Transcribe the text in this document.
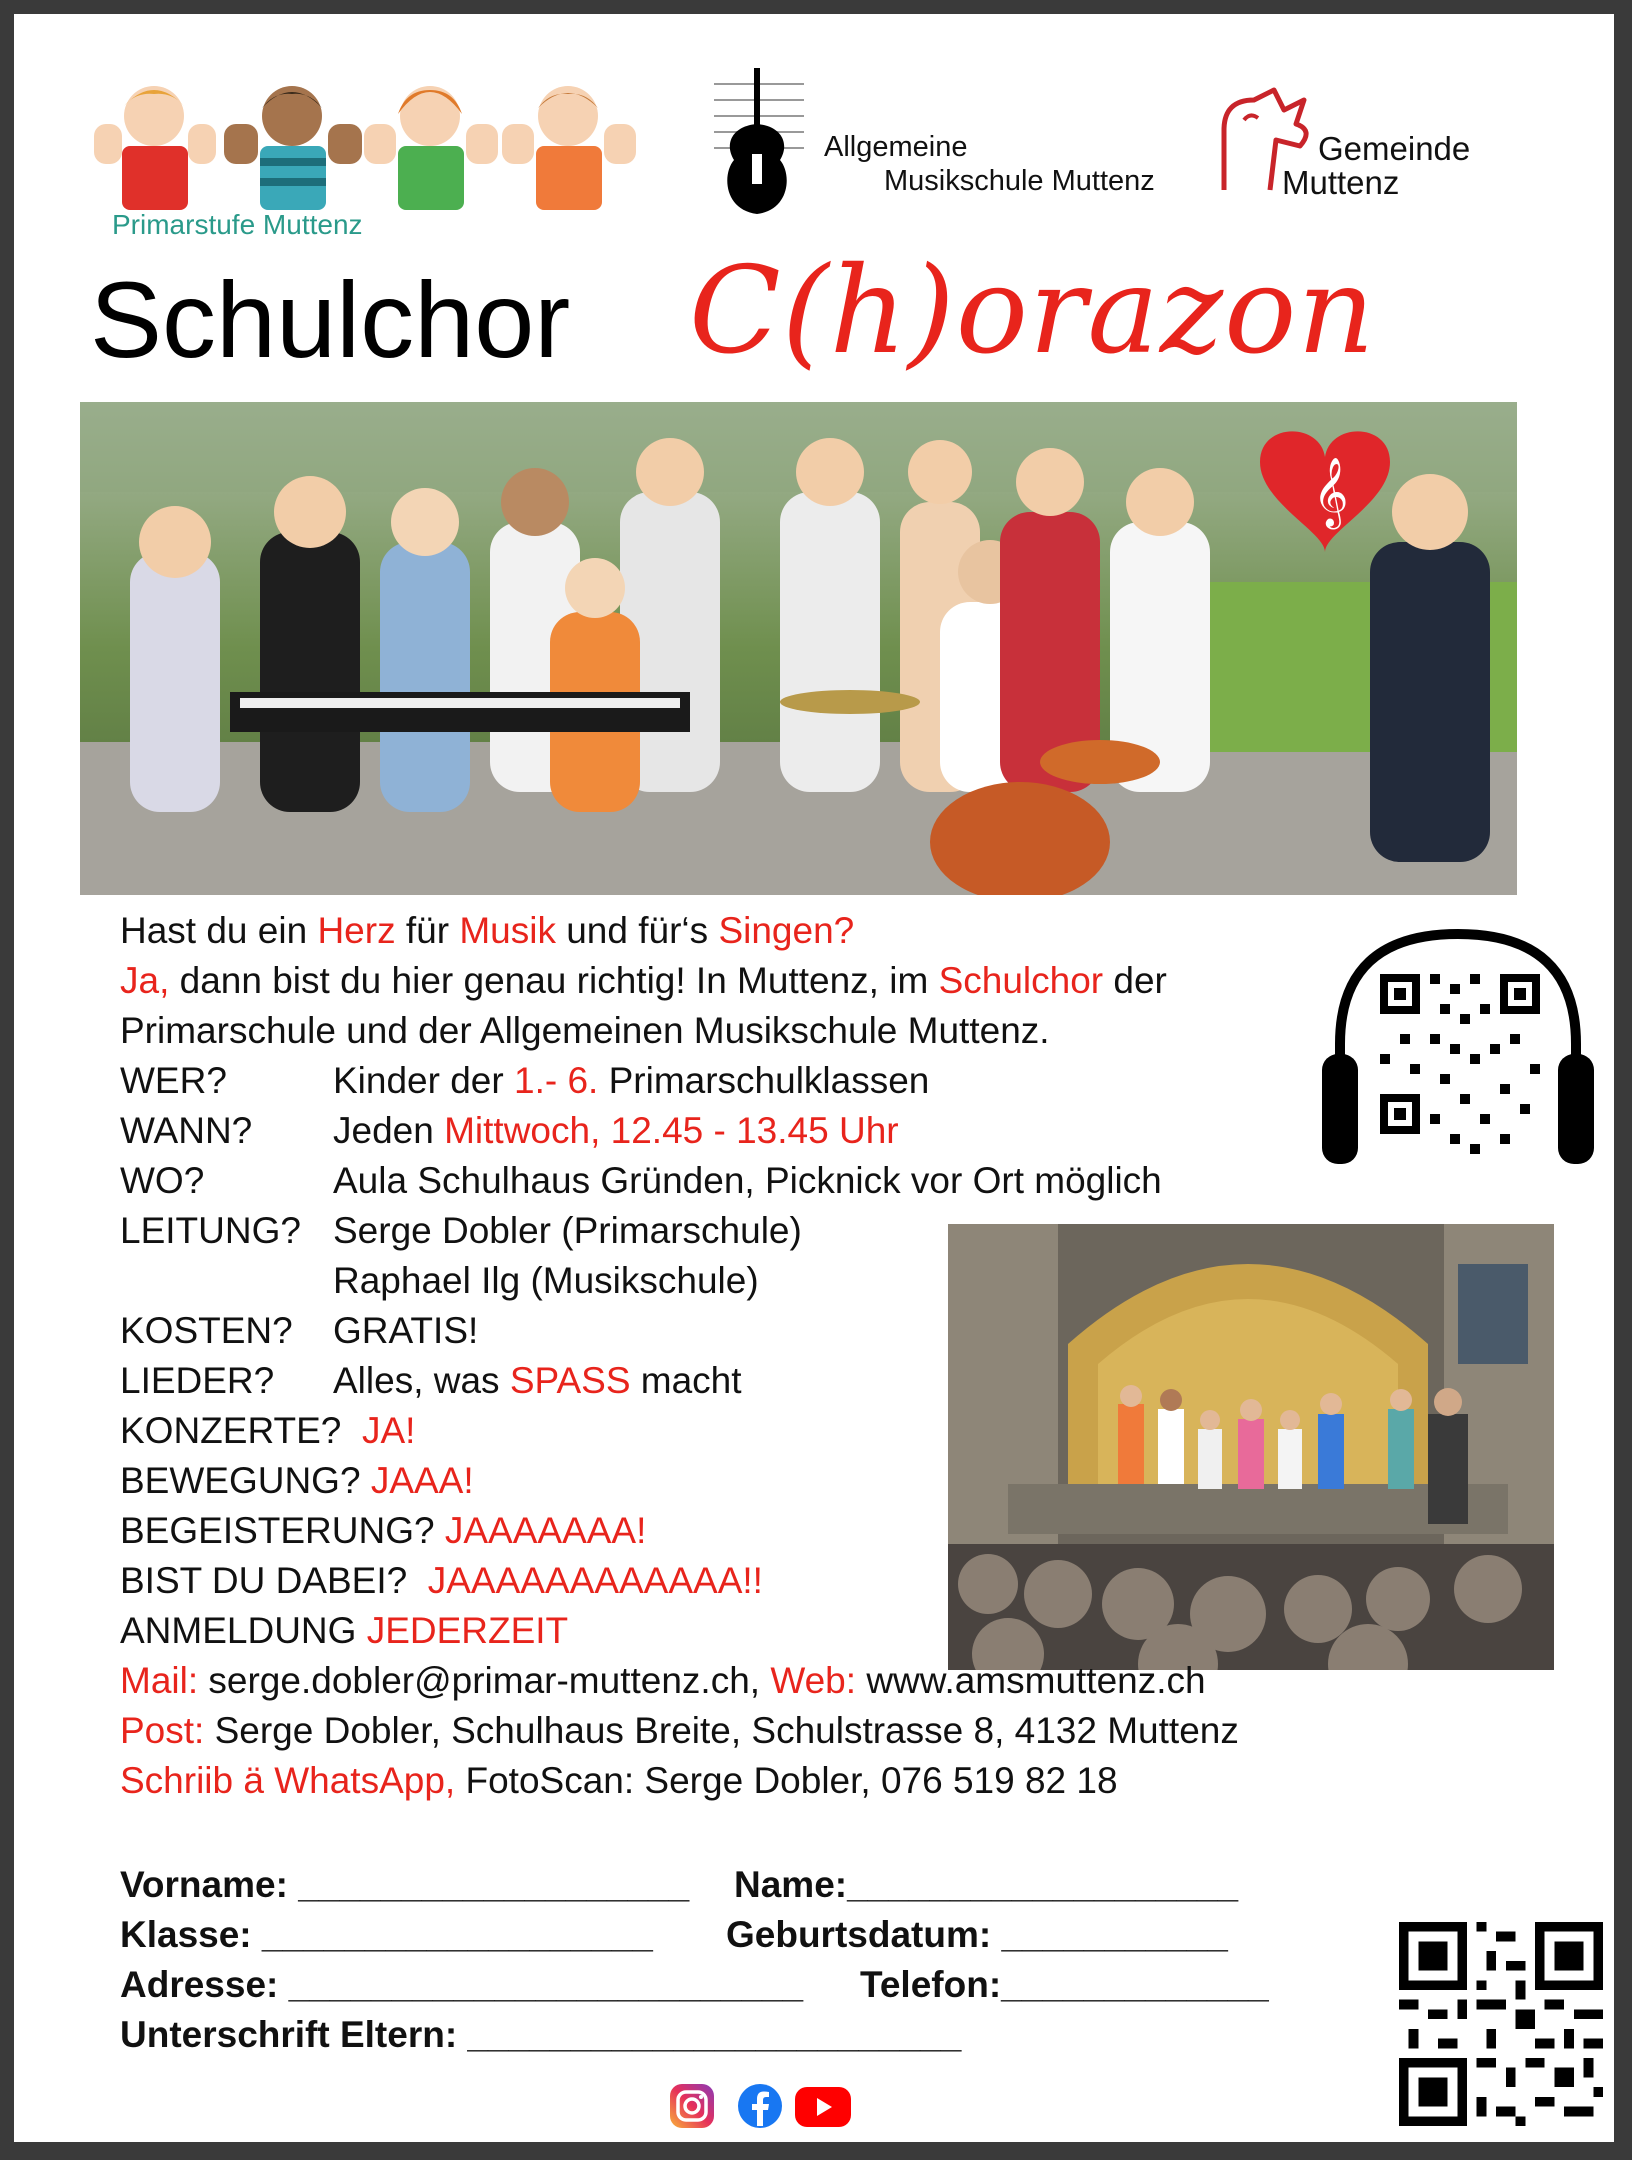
Primarstufe Muttenz
Allgemeine
Musikschule Muttenz
Gemeinde
Muttenz
Schulchor C(h)orazon
𝄞
Hast du ein Herz für Musik und für‘s Singen?
Ja, dann bist du hier genau richtig! In Muttenz, im Schulchor der
Primarschule und der Allgemeinen Musikschule Muttenz.
WER?	Kinder der 1.- 6. Primarschulklassen
WANN? Jeden Mittwoch, 12.45 - 13.45 Uhr
WO?	Aula Schulhaus Gründen, Picknick vor Ort möglich
LEITUNG? Serge Dobler (Primarschule)
Raphael Ilg (Musikschule)
KOSTEN? GRATIS!
LIEDER? Alles, was SPASS macht
KONZERTE? JA!
BEWEGUNG? JAAA!
BEGEISTERUNG? JAAAAAAA!
BIST DU DABEI? JAAAAAAAAAAAA!!
ANMELDUNG JEDERZEIT
Mail: serge.dobler@primar-muttenz.ch, Web: www.amsmuttenz.ch
Post: Serge Dobler, Schulhaus Breite, Schulstrasse 8, 4132 Muttenz
Schriib ä WhatsApp, FotoScan: Serge Dobler, 076 519 82 18
Vorname: ___________________ Name:___________________
Klasse: ___________________ Geburtsdatum: ___________
Adresse: _________________________ Telefon:_____________
Unterschrift Eltern: ________________________
